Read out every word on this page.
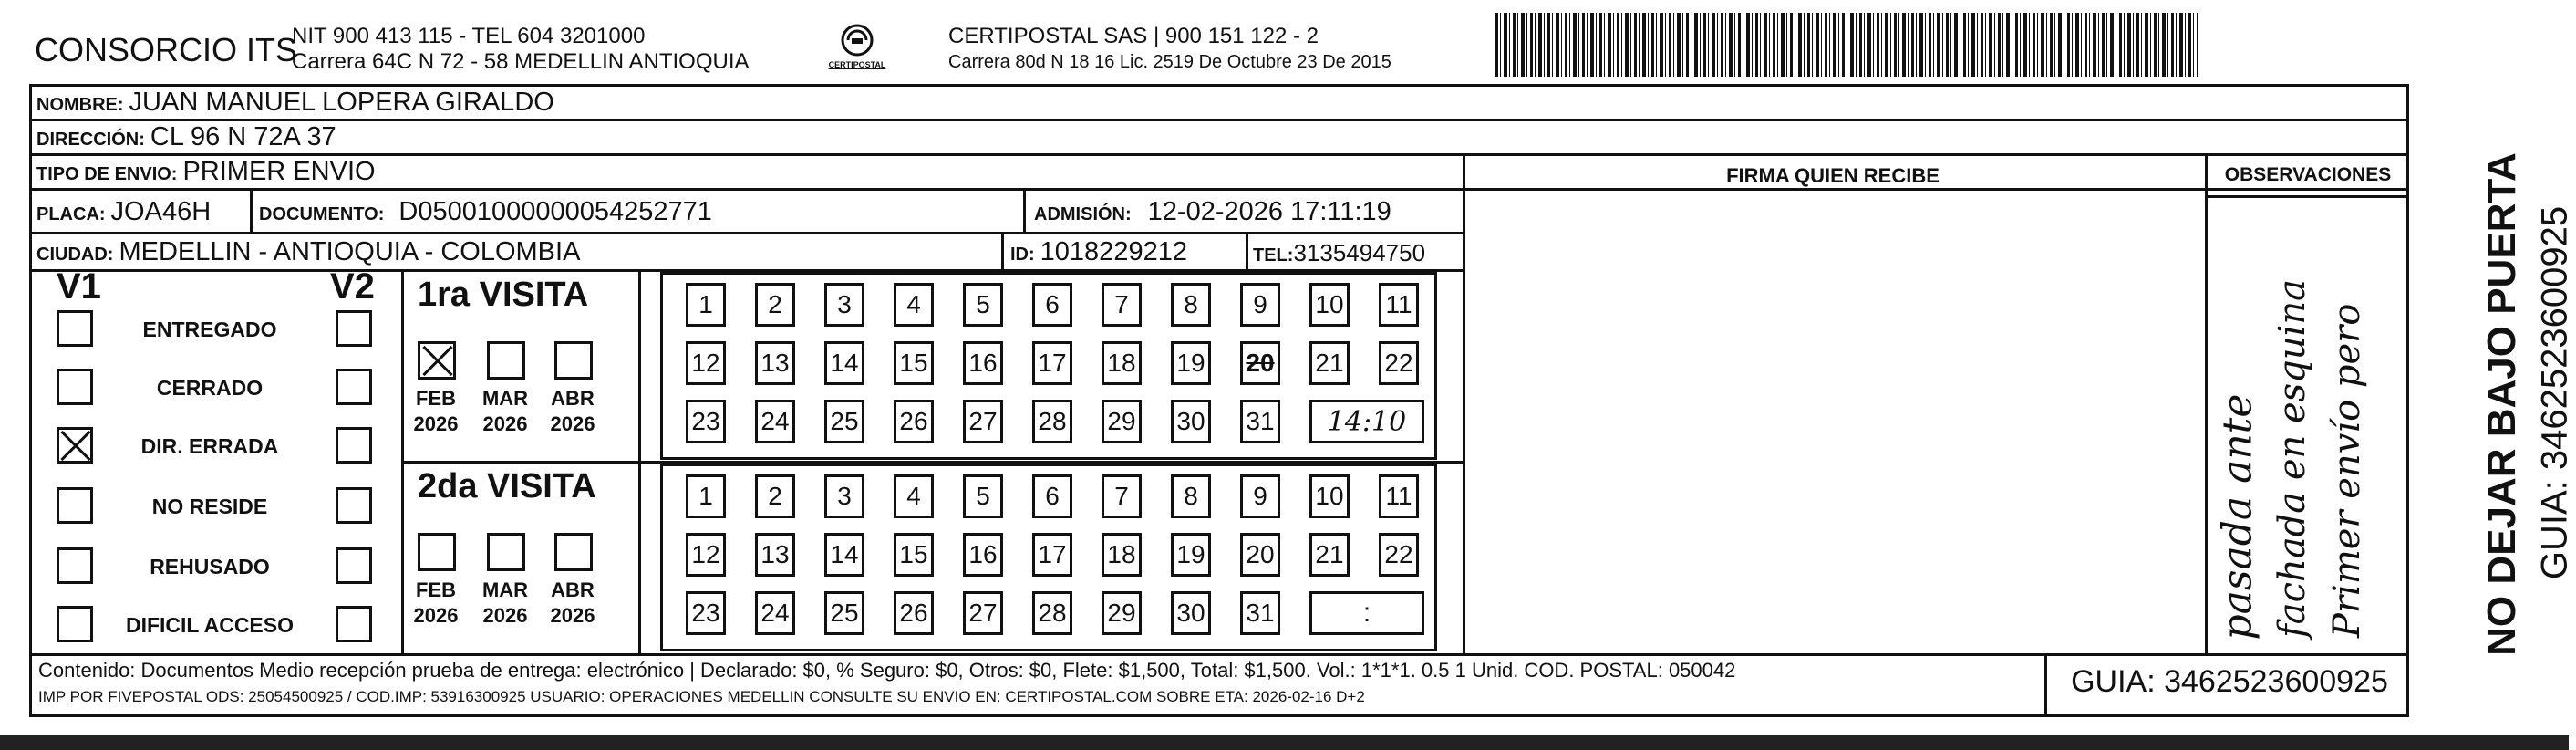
CONSORCIO ITS
NIT 900 413 115 - TEL 604 3201000
Carrera 64C N 72 - 58 MEDELLIN ANTIOQUIA	CERTIPOSTAL
CERTIPOSTAL SAS | 900 151 122 - 2
Carrera 80d N 18 16 Lic. 2519 De Octubre 23 De 2015
NOMBRE: JUAN MANUEL LOPERA GIRALDO
DIRECCIÓN: CL 96 N 72A 37
TIPO DE ENVIO: PRIMER ENVIO	FIRMA QUIEN RECIBE	OBSERVACIONES
PLACA: JOA46H	DOCUMENTO: D05001000000054252771	ADMISIÓN: 12-02-2026 17:11:19
CIUDAD: MEDELLIN - ANTIOQUIA - COLOMBIA	ID: 1018229212	TEL: 3135494750
V1	V2
ENTREGADO
CERRADO
DIR. ERRADA
NO RESIDE
REHUSADO
DIFICIL ACCESO
1ra VISITA
FEB
2026
MAR
2026
ABR
2026
1	2	3	4	5	6	7	8	9	10 11
12 13 14 15 16 17 18 19 20 21 22
23 24 25 26 27 28 29 30 31	14:10
2da VISITA
FEB
2026
MAR
2026
ABR
2026
1	2	3	4	5	6	7	8	9	10 11
12 13 14 15 16 17 18 19 20 21 22
23 24 25 26 27 28 29 30 31	:	pasada ante fachada en esquina Primer envío pero	NO DEJAR BAJO PUERTA GUIA: 3462523600925
Contenido: Documentos Medio recepción prueba de entrega: electrónico | Declarado: $0, % Seguro: $0, Otros: $0, Flete: $1,500, Total: $1,500. Vol.: 1*1*1. 0.5 1 Unid. COD. POSTAL: 050042
IMP POR FIVEPOSTAL ODS: 25054500925 / COD.IMP: 53916300925 USUARIO: OPERACIONES MEDELLIN CONSULTE SU ENVIO EN: CERTIPOSTAL.COM SOBRE ETA: 2026-02-16 D+2	GUIA: 3462523600925
